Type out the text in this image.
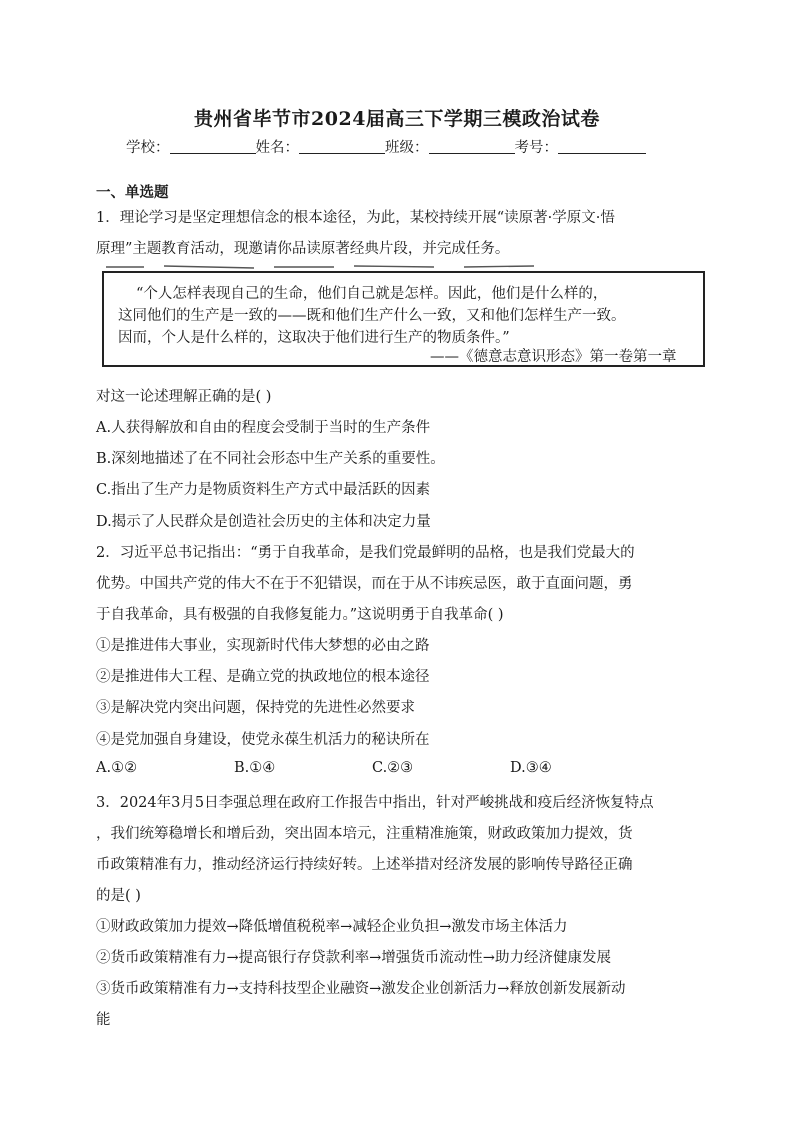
贵州省毕节市2024届高三下学期三模政治试卷
学校：	姓名：	班级：	考号：
一、单选题
1．理论学习是坚定理想信念的根本途径，为此，某校持续开展“读原著·学原文·悟
原理”主题教育活动，现邀请你品读原著经典片段，并完成任务。
“个人怎样表现自己的生命，他们自己就是怎样。因此，他们是什么样的，
这同他们的生产是一致的——既和他们生产什么一致，又和他们怎样生产一致。
因而，个人是什么样的，这取决于他们进行生产的物质条件。”
——《德意志意识形态》第一卷第一章
对这一论述理解正确的是( )
A.人获得解放和自由的程度会受制于当时的生产条件
B.深刻地描述了在不同社会形态中生产关系的重要性。
C.指出了生产力是物质资料生产方式中最活跃的因素
D.揭示了人民群众是创造社会历史的主体和决定力量
2．习近平总书记指出：“勇于自我革命，是我们党最鲜明的品格，也是我们党最大的
优势。中国共产党的伟大不在于不犯错误，而在于从不讳疾忌医，敢于直面问题，勇
于自我革命，具有极强的自我修复能力。”这说明勇于自我革命( )
①是推进伟大事业，实现新时代伟大梦想的必由之路
②是推进伟大工程、是确立党的执政地位的根本途径
③是解决党内突出问题，保持党的先进性必然要求
④是党加强自身建设，使党永葆生机活力的秘诀所在
A.①②	B.①④	C.②③	D.③④
3．2024年3月5日李强总理在政府工作报告中指出，针对严峻挑战和疫后经济恢复特点
，我们统筹稳增长和增后劲，突出固本培元，注重精准施策，财政政策加力提效，货
币政策精准有力，推动经济运行持续好转。上述举措对经济发展的影响传导路径正确
的是( )
①财政政策加力提效→降低增值税税率→减轻企业负担→激发市场主体活力
②货币政策精准有力→提高银行存贷款利率→增强货币流动性→助力经济健康发展
③货币政策精准有力→支持科技型企业融资→激发企业创新活力→释放创新发展新动
能
